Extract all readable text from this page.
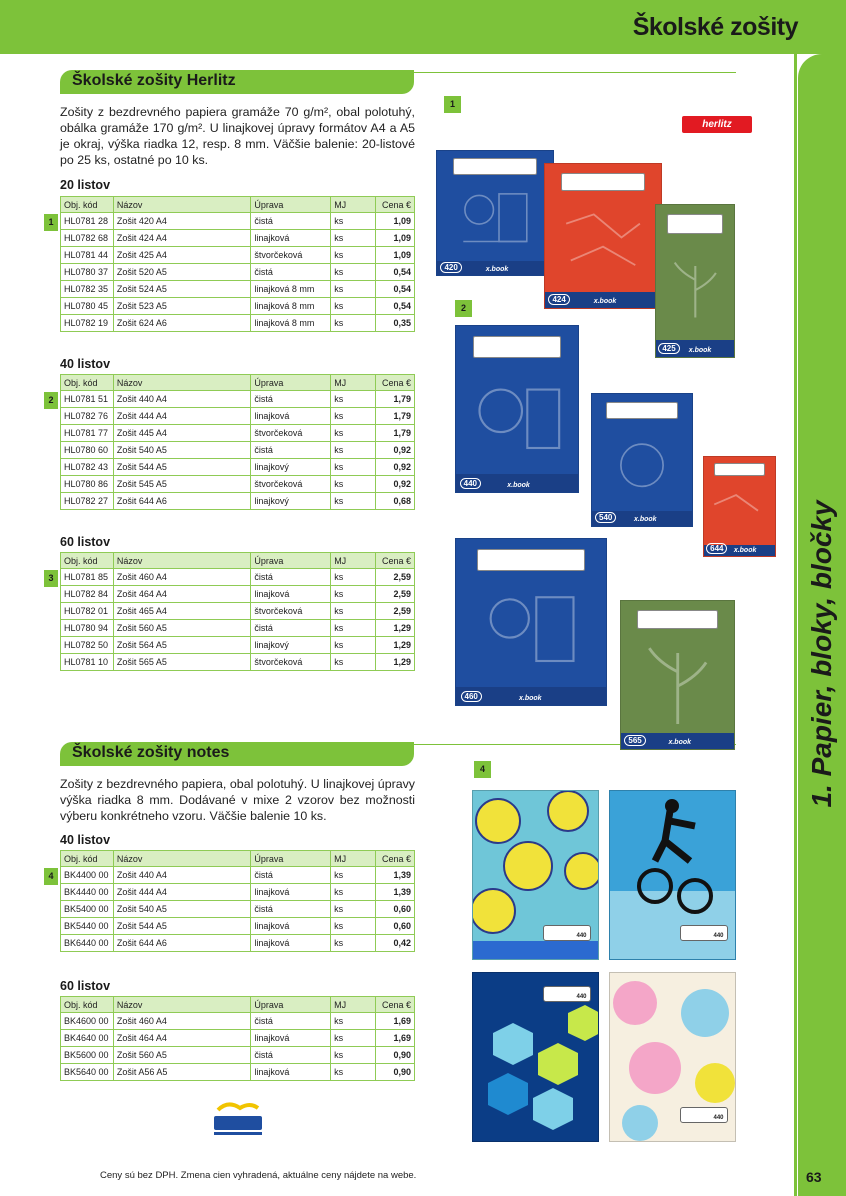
Školské zošity
1. Papier, bloky, bločky
63
Školské zošity Herlitz
Zošity z bezdrevného papiera gramáže 70 g/m², obal polotuhý, obálka gramáže 170 g/m². U linajkovej úpravy formátov A4 a A5 je okraj, výška riadka 12, resp. 8 mm. Väčšie balenie: 20-listové po 25 ks, ostatné po 10 ks.
20 listov
Obj. kód	Názov	Úprava	MJ	Cena €
HL0781 28	Zošit 420 A4	čistá	ks	1,09
HL0782 68	Zošit 424 A4	linajková	ks	1,09
HL0781 44	Zošit 425 A4	štvorčeková	ks	1,09
HL0780 37	Zošit 520 A5	čistá	ks	0,54
HL0782 35	Zošit 524 A5	linajková 8 mm	ks	0,54
HL0780 45	Zošit 523 A5	linajková 8 mm	ks	0,54
HL0782 19	Zošit 624 A6	linajková 8 mm	ks	0,35
40 listov
Obj. kód	Názov	Úprava	MJ	Cena €
HL0781 51	Zošit 440 A4	čistá	ks	1,79
HL0782 76	Zošit 444 A4	linajková	ks	1,79
HL0781 77	Zošit 445 A4	štvorčeková	ks	1,79
HL0780 60	Zošit 540 A5	čistá	ks	0,92
HL0782 43	Zošit 544 A5	linajkový	ks	0,92
HL0780 86	Zošit 545 A5	štvorčeková	ks	0,92
HL0782 27	Zošit 644 A6	linajkový	ks	0,68
60 listov
Obj. kód	Názov	Úprava	MJ	Cena €
HL0781 85	Zošit 460 A4	čistá	ks	2,59
HL0782 84	Zošit 464 A4	linajková	ks	2,59
HL0782 01	Zošit 465 A4	štvorčeková	ks	2,59
HL0780 94	Zošit 560 A5	čistá	ks	1,29
HL0782 50	Zošit 564 A5	linajkový	ks	1,29
HL0781 10	Zošit 565 A5	štvorčeková	ks	1,29
Školské zošity notes
Zošity z bezdrevného papiera, obal polotuhý. U linajkovej úpravy výška riadka 8 mm. Dodávané v mixe 2 vzorov bez možnosti výberu konkrétneho vzoru. Väčšie balenie 10 ks.
40 listov
Obj. kód	Názov	Úprava	MJ	Cena €
BK4400 00	Zošit 440 A4	čistá	ks	1,39
BK4440 00	Zošit 444 A4	linajková	ks	1,39
BK5400 00	Zošit 540 A5	čistá	ks	0,60
BK5440 00	Zošit 544 A5	linajková	ks	0,60
BK6440 00	Zošit 644 A6	linajková	ks	0,42
60 listov
Obj. kód	Názov	Úprava	MJ	Cena €
BK4600 00	Zošit 460 A4	čistá	ks	1,69
BK4640 00	Zošit 464 A4	linajková	ks	1,69
BK5600 00	Zošit 560 A5	čistá	ks	0,90
BK5640 00	Zošit A56 A5	linajková	ks	0,90
1
2
4
herlitz
420	x.book
424	x.book
425	x.book
440	x.book
540	x.book
644	x.book
460	x.book
565	x.book
440	440
440
440
Ceny sú bez DPH. Zmena cien vyhradená, aktuálne ceny nájdete na webe.
1
2
3
4
